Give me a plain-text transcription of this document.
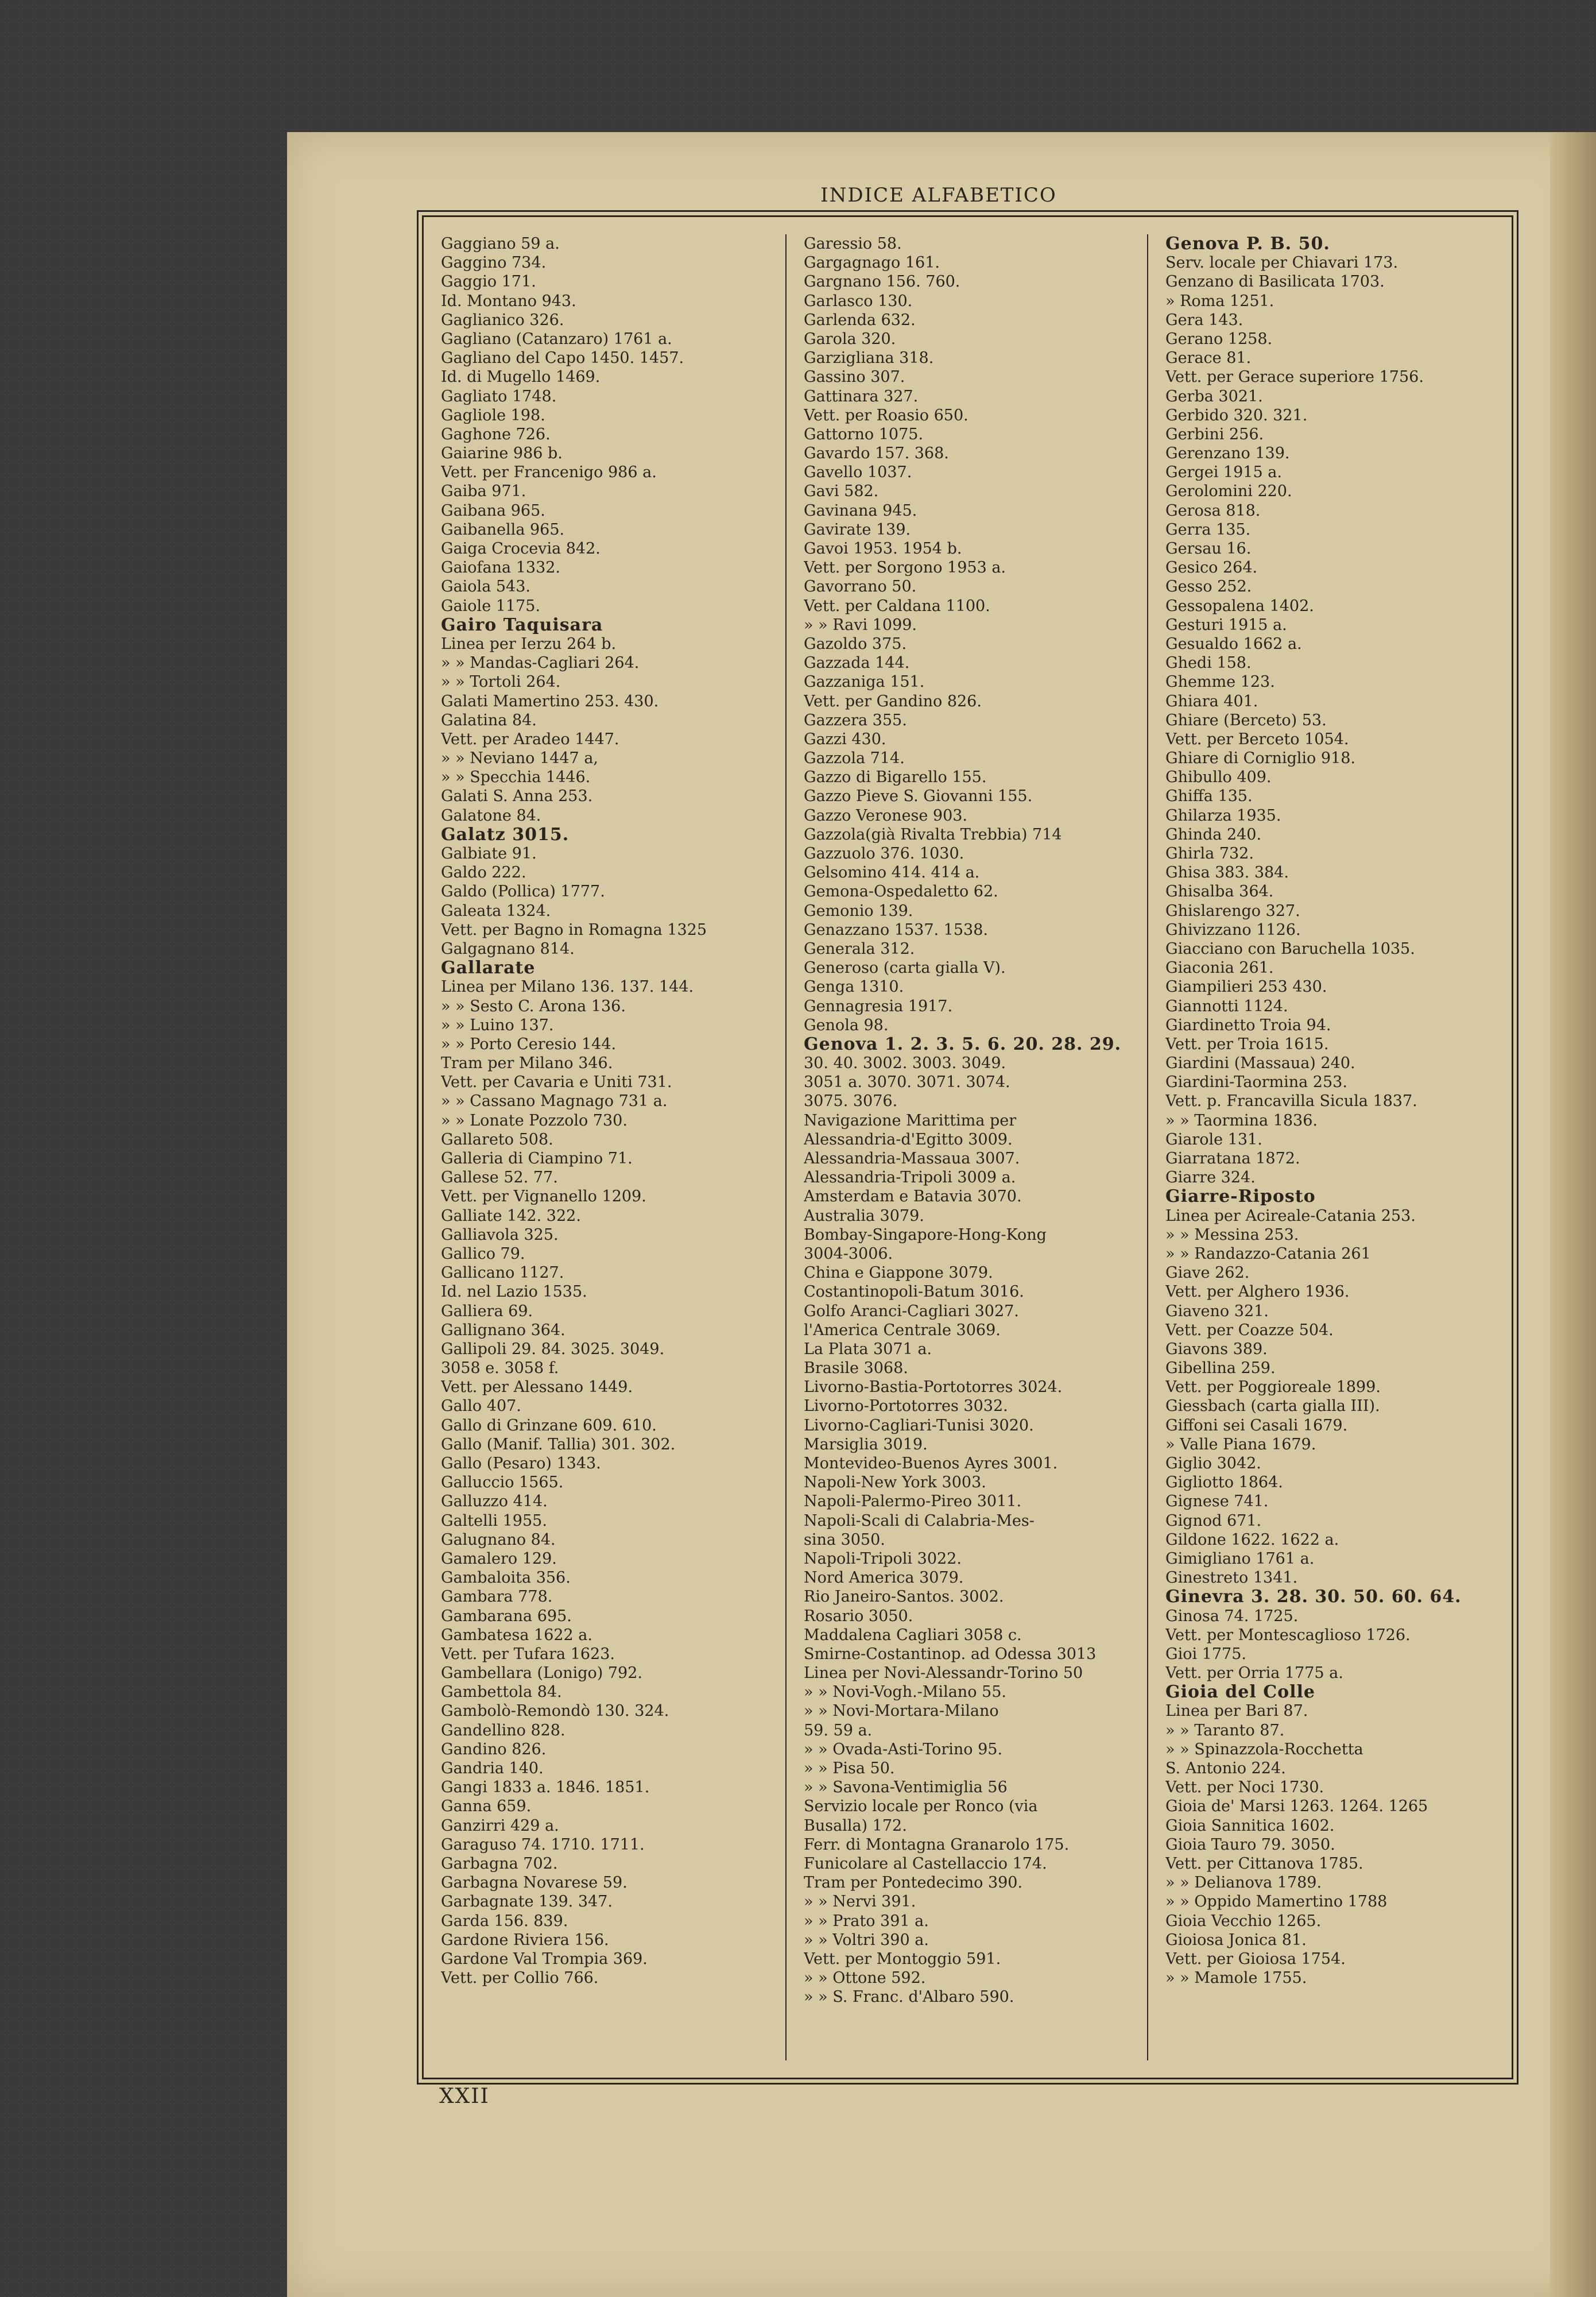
INDICE ALFABETICO
Gaggiano 59 a.
Gaggino 734.
Gaggio 171.
Id. Montano 943.
Gaglianico 326.
Gagliano (Catanzaro) 1761 a.
Gagliano del Capo 1450. 1457.
Id. di Mugello 1469.
Gagliato 1748.
Gagliole 198.
Gaghone 726.
Gaiarine 986 b.
Vett. per Francenigo 986 a.
Gaiba 971.
Gaibana 965.
Gaibanella 965.
Gaiga Crocevia 842.
Gaiofana 1332.
Gaiola 543.
Gaiole 1175.
Gairo Taquisara
Linea per Ierzu 264 b.
» » Mandas-Cagliari 264.
» » Tortoli 264.
Galati Mamertino 253. 430.
Galatina 84.
Vett. per Aradeo 1447.
» » Neviano 1447 a,
» » Specchia 1446.
Galati S. Anna 253.
Galatone 84.
Galatz 3015.
Galbiate 91.
Galdo 222.
Galdo (Pollica) 1777.
Galeata 1324.
Vett. per Bagno in Romagna 1325
Galgagnano 814.
Gallarate
Linea per Milano 136. 137. 144.
» » Sesto C. Arona 136.
» » Luino 137.
» » Porto Ceresio 144.
Tram per Milano 346.
Vett. per Cavaria e Uniti 731.
» » Cassano Magnago 731 a.
» » Lonate Pozzolo 730.
Gallareto 508.
Galleria di Ciampino 71.
Gallese 52. 77.
Vett. per Vignanello 1209.
Galliate 142. 322.
Galliavola 325.
Gallico 79.
Gallicano 1127.
Id. nel Lazio 1535.
Galliera 69.
Gallignano 364.
Gallipoli 29. 84. 3025. 3049.
3058 e. 3058 f.
Vett. per Alessano 1449.
Gallo 407.
Gallo di Grinzane 609. 610.
Gallo (Manif. Tallia) 301. 302.
Gallo (Pesaro) 1343.
Galluccio 1565.
Galluzzo 414.
Galtelli 1955.
Galugnano 84.
Gamalero 129.
Gambaloita 356.
Gambara 778.
Gambarana 695.
Gambatesa 1622 a.
Vett. per Tufara 1623.
Gambellara (Lonigo) 792.
Gambettola 84.
Gambolò-Remondò 130. 324.
Gandellino 828.
Gandino 826.
Gandria 140.
Gangi 1833 a. 1846. 1851.
Ganna 659.
Ganzirri 429 a.
Garaguso 74. 1710. 1711.
Garbagna 702.
Garbagna Novarese 59.
Garbagnate 139. 347.
Garda 156. 839.
Gardone Riviera 156.
Gardone Val Trompia 369.
Vett. per Collio 766.
Garessio 58.
Gargagnago 161.
Gargnano 156. 760.
Garlasco 130.
Garlenda 632.
Garola 320.
Garzigliana 318.
Gassino 307.
Gattinara 327.
Vett. per Roasio 650.
Gattorno 1075.
Gavardo 157. 368.
Gavello 1037.
Gavi 582.
Gavinana 945.
Gavirate 139.
Gavoi 1953. 1954 b.
Vett. per Sorgono 1953 a.
Gavorrano 50.
Vett. per Caldana 1100.
» » Ravi 1099.
Gazoldo 375.
Gazzada 144.
Gazzaniga 151.
Vett. per Gandino 826.
Gazzera 355.
Gazzi 430.
Gazzola 714.
Gazzo di Bigarello 155.
Gazzo Pieve S. Giovanni 155.
Gazzo Veronese 903.
Gazzola(già Rivalta Trebbia) 714
Gazzuolo 376. 1030.
Gelsomino 414. 414 a.
Gemona-Ospedaletto 62.
Gemonio 139.
Genazzano 1537. 1538.
Generala 312.
Generoso (carta gialla V).
Genga 1310.
Gennagresia 1917.
Genola 98.
Genova 1. 2. 3. 5. 6. 20. 28. 29.
30. 40. 3002. 3003. 3049.
3051 a. 3070. 3071. 3074.
3075. 3076.
Navigazione Marittima per
Alessandria-d'Egitto 3009.
Alessandria-Massaua 3007.
Alessandria-Tripoli 3009 a.
Amsterdam e Batavia 3070.
Australia 3079.
Bombay-Singapore-Hong-Kong
3004-3006.
China e Giappone 3079.
Costantinopoli-Batum 3016.
Golfo Aranci-Cagliari 3027.
l'America Centrale 3069.
La Plata 3071 a.
Brasile 3068.
Livorno-Bastia-Portotorres 3024.
Livorno-Portotorres 3032.
Livorno-Cagliari-Tunisi 3020.
Marsiglia 3019.
Montevideo-Buenos Ayres 3001.
Napoli-New York 3003.
Napoli-Palermo-Pireo 3011.
Napoli-Scali di Calabria-Mes-
sina 3050.
Napoli-Tripoli 3022.
Nord America 3079.
Rio Janeiro-Santos. 3002.
Rosario 3050.
Maddalena Cagliari 3058 c.
Smirne-Costantinop. ad Odessa 3013
Linea per Novi-Alessandr-Torino 50
» » Novi-Vogh.-Milano 55.
» » Novi-Mortara-Milano
59. 59 a.
» » Ovada-Asti-Torino 95.
» » Pisa 50.
» » Savona-Ventimiglia 56
Servizio locale per Ronco (via
Busalla) 172.
Ferr. di Montagna Granarolo 175.
Funicolare al Castellaccio 174.
Tram per Pontedecimo 390.
» » Nervi 391.
» » Prato 391 a.
» » Voltri 390 a.
Vett. per Montoggio 591.
» » Ottone 592.
» » S. Franc. d'Albaro 590.
Genova P. B. 50.
Serv. locale per Chiavari 173.
Genzano di Basilicata 1703.
» Roma 1251.
Gera 143.
Gerano 1258.
Gerace 81.
Vett. per Gerace superiore 1756.
Gerba 3021.
Gerbido 320. 321.
Gerbini 256.
Gerenzano 139.
Gergei 1915 a.
Gerolomini 220.
Gerosa 818.
Gerra 135.
Gersau 16.
Gesico 264.
Gesso 252.
Gessopalena 1402.
Gesturi 1915 a.
Gesualdo 1662 a.
Ghedi 158.
Ghemme 123.
Ghiara 401.
Ghiare (Berceto) 53.
Vett. per Berceto 1054.
Ghiare di Corniglio 918.
Ghibullo 409.
Ghiffa 135.
Ghilarza 1935.
Ghinda 240.
Ghirla 732.
Ghisa 383. 384.
Ghisalba 364.
Ghislarengo 327.
Ghivizzano 1126.
Giacciano con Baruchella 1035.
Giaconia 261.
Giampilieri 253 430.
Giannotti 1124.
Giardinetto Troia 94.
Vett. per Troia 1615.
Giardini (Massaua) 240.
Giardini-Taormina 253.
Vett. p. Francavilla Sicula 1837.
» » Taormina 1836.
Giarole 131.
Giarratana 1872.
Giarre 324.
Giarre-Riposto
Linea per Acireale-Catania 253.
» » Messina 253.
» » Randazzo-Catania 261
Giave 262.
Vett. per Alghero 1936.
Giaveno 321.
Vett. per Coazze 504.
Giavons 389.
Gibellina 259.
Vett. per Poggioreale 1899.
Giessbach (carta gialla III).
Giffoni sei Casali 1679.
» Valle Piana 1679.
Giglio 3042.
Gigliotto 1864.
Gignese 741.
Gignod 671.
Gildone 1622. 1622 a.
Gimigliano 1761 a.
Ginestreto 1341.
Ginevra 3. 28. 30. 50. 60. 64.
Ginosa 74. 1725.
Vett. per Montescaglioso 1726.
Gioi 1775.
Vett. per Orria 1775 a.
Gioia del Colle
Linea per Bari 87.
» » Taranto 87.
» » Spinazzola-Rocchetta
S. Antonio 224.
Vett. per Noci 1730.
Gioia de' Marsi 1263. 1264. 1265
Gioia Sannitica 1602.
Gioia Tauro 79. 3050.
Vett. per Cittanova 1785.
» » Delianova 1789.
» » Oppido Mamertino 1788
Gioia Vecchio 1265.
Gioiosa Jonica 81.
Vett. per Gioiosa 1754.
» » Mamole 1755.
XXII
